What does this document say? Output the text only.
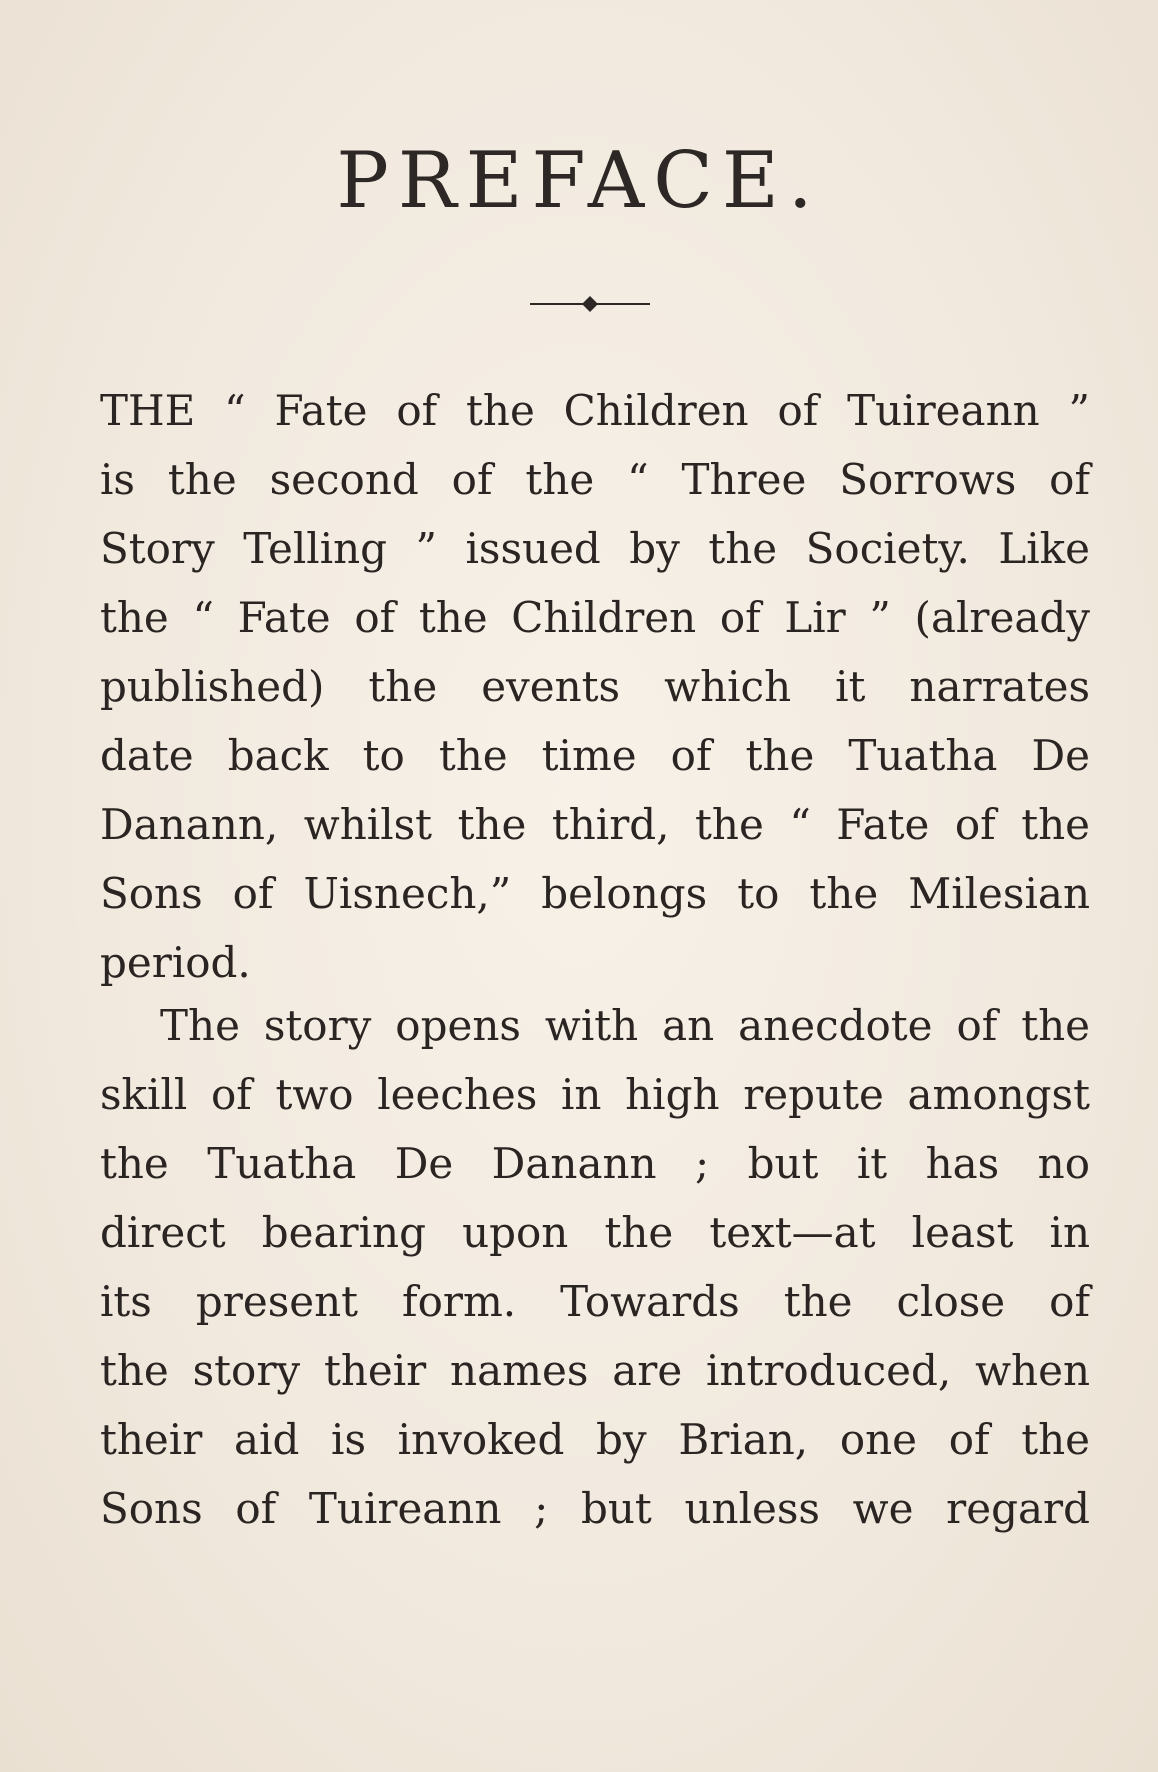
PREFACE.
THE “ Fate of the Children of Tuireann ”
is the second of the “ Three Sorrows of
Story Telling ” issued by the Society. Like
the “ Fate of the Children of Lir ” (already
published) the events which it narrates
date back to the time of the Tuatha De
Danann, whilst the third, the “ Fate of the
Sons of Uisnech,” belongs to the Milesian
period.
The story opens with an anecdote of the
skill of two leeches in high repute amongst
the Tuatha De Danann ; but it has no
direct bearing upon the text—at least in
its present form. Towards the close of
the story their names are introduced, when
their aid is invoked by Brian, one of the
Sons of Tuireann ; but unless we regard
